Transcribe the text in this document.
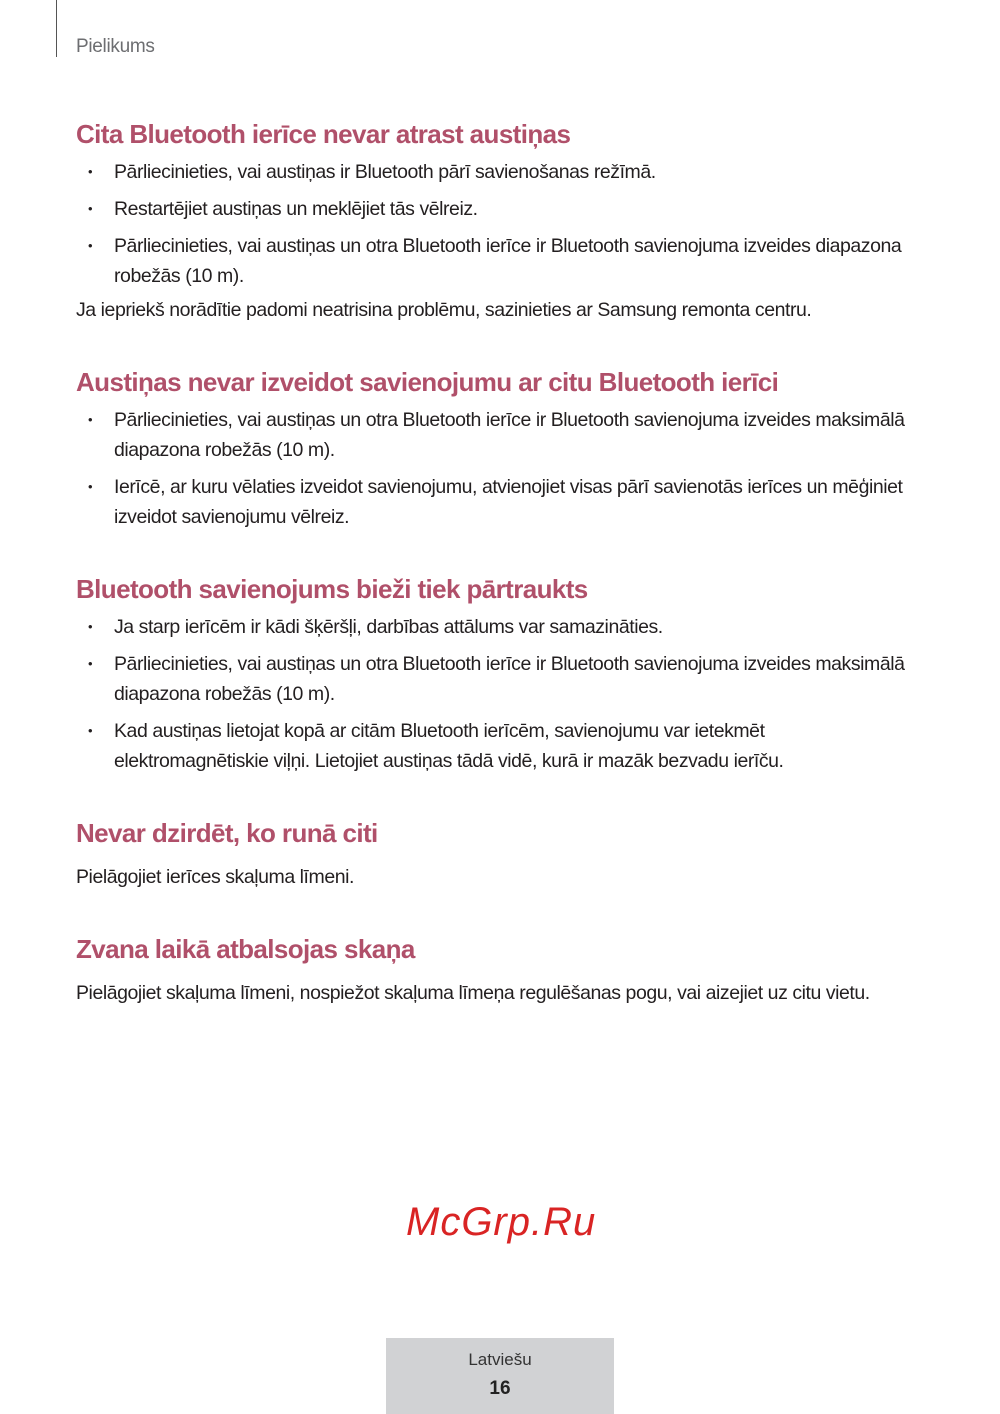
Pielikums
Cita Bluetooth ierīce nevar atrast austiņas
• Pārliecinieties, vai austiņas ir Bluetooth pārī savienošanas režīmā.
• Restartējiet austiņas un meklējiet tās vēlreiz.
• Pārliecinieties, vai austiņas un otra Bluetooth ierīce ir Bluetooth savienojuma izveides diapazona robežās (10 m).

Ja iepriekš norādītie padomi neatrisina problēmu, sazinieties ar Samsung remonta centru.

Austiņas nevar izveidot savienojumu ar citu Bluetooth ierīci
• Pārliecinieties, vai austiņas un otra Bluetooth ierīce ir Bluetooth savienojuma izveides maksimālā diapazona robežās (10 m).
• Ierīcē, ar kuru vēlaties izveidot savienojumu, atvienojiet visas pārī savienotās ierīces un mēģiniet izveidot savienojumu vēlreiz.
Bluetooth savienojums bieži tiek pārtraukts
• Ja starp ierīcēm ir kādi šķēršļi, darbības attālums var samazināties.
• Pārliecinieties, vai austiņas un otra Bluetooth ierīce ir Bluetooth savienojuma izveides maksimālā diapazona robežās (10 m).
• Kad austiņas lietojat kopā ar citām Bluetooth ierīcēm, savienojumu var ietekmēt elektromagnētiskie viļņi. Lietojiet austiņas tādā vidē, kurā ir mazāk bezvadu ierīču.
Nevar dzirdēt, ko runā citi

Pielāgojiet ierīces skaļuma līmeni.

Zvana laikā atbalsojas skaņa

Pielāgojiet skaļuma līmeni, nospiežot skaļuma līmeņa regulēšanas pogu, vai aizejiet uz citu vietu.

McGrp.Ru
Latviešu
16
